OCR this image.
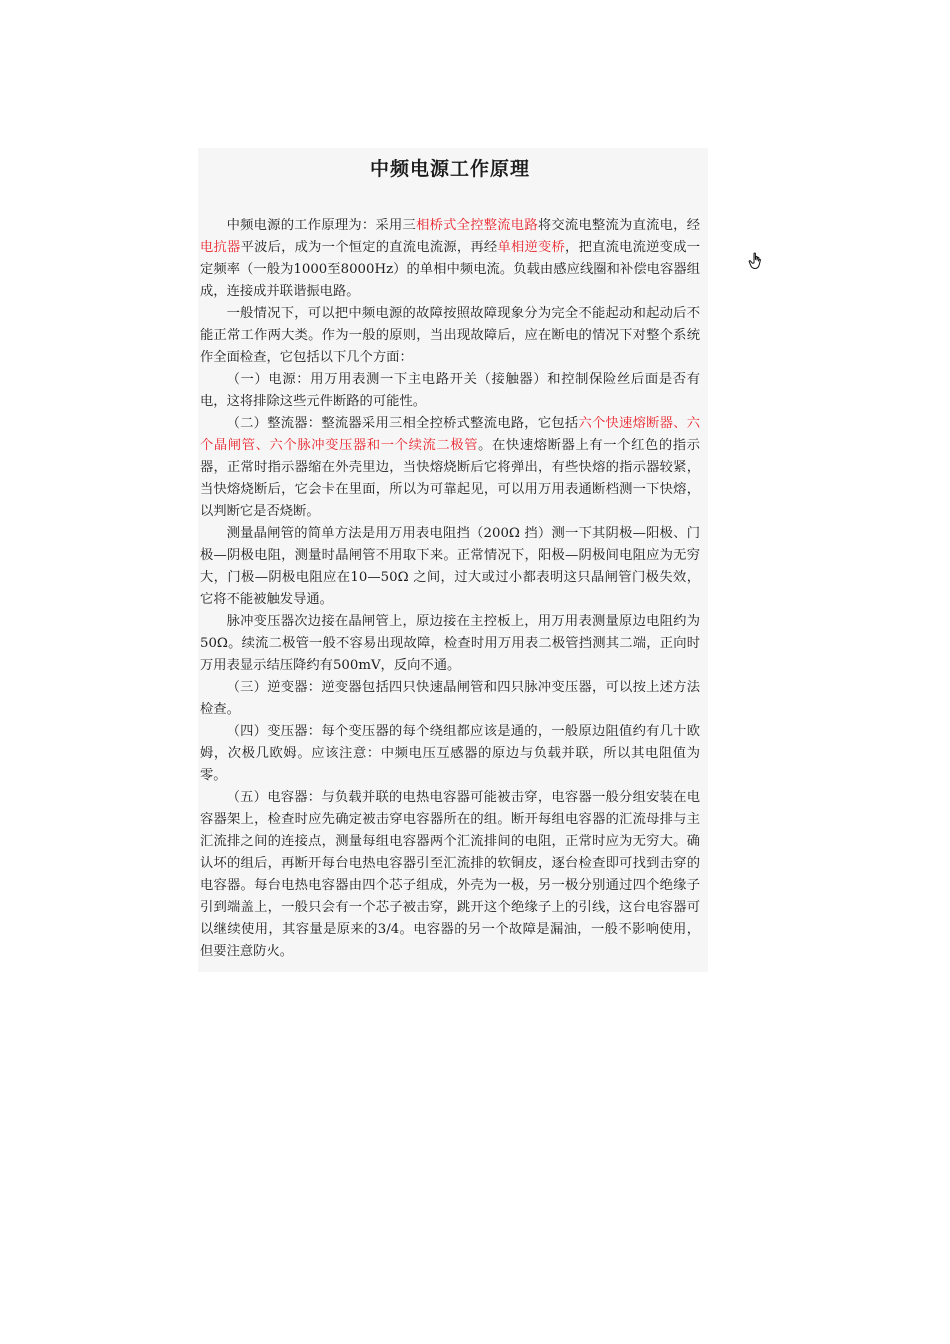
中频电源工作原理

中频电源的工作原理为：采用三相桥式全控整流电路将交流电整流为直流电，经电抗器平波后，成为一个恒定的直流电流源，再经单相逆变桥，把直流电流逆变成一定频率（一般为1000至8000Hz）的单相中频电流。负载由感应线圈和补偿电容器组成，连接成并联谐振电路。

一般情况下，可以把中频电源的故障按照故障现象分为完全不能起动和起动后不能正常工作两大类。作为一般的原则，当出现故障后，应在断电的情况下对整个系统作全面检查，它包括以下几个方面：

（一）电源：用万用表测一下主电路开关（接触器）和控制保险丝后面是否有电，这将排除这些元件断路的可能性。

（二）整流器：整流器采用三相全控桥式整流电路，它包括六个快速熔断器、六个晶闸管、六个脉冲变压器和一个续流二极管。在快速熔断器上有一个红色的指示器，正常时指示器缩在外壳里边，当快熔烧断后它将弹出，有些快熔的指示器较紧，当快熔烧断后，它会卡在里面，所以为可靠起见，可以用万用表通断档测一下快熔，以判断它是否烧断。

测量晶闸管的简单方法是用万用表电阻挡（200Ω 挡）测一下其阴极—阳极、门极—阴极电阻，测量时晶闸管不用取下来。正常情况下，阳极—阴极间电阻应为无穷大，门极—阴极电阻应在10—50Ω 之间，过大或过小都表明这只晶闸管门极失效，它将不能被触发导通。

脉冲变压器次边接在晶闸管上，原边接在主控板上，用万用表测量原边电阻约为50Ω。续流二极管一般不容易出现故障，检查时用万用表二极管挡测其二端，正向时万用表显示结压降约有500mV，反向不通。

（三）逆变器：逆变器包括四只快速晶闸管和四只脉冲变压器，可以按上述方法检查。

（四）变压器：每个变压器的每个绕组都应该是通的，一般原边阻值约有几十欧姆，次极几欧姆。应该注意：中频电压互感器的原边与负载并联，所以其电阻值为零。

（五）电容器：与负载并联的电热电容器可能被击穿，电容器一般分组安装在电容器架上，检查时应先确定被击穿电容器所在的组。断开每组电容器的汇流母排与主汇流排之间的连接点，测量每组电容器两个汇流排间的电阻，正常时应为无穷大。确认坏的组后，再断开每台电热电容器引至汇流排的软铜皮，逐台检查即可找到击穿的电容器。每台电热电容器由四个芯子组成，外壳为一极，另一极分别通过四个绝缘子引到端盖上，一般只会有一个芯子被击穿，跳开这个绝缘子上的引线，这台电容器可以继续使用，其容量是原来的3/4。电容器的另一个故障是漏油，一般不影响使用，但要注意防火。
